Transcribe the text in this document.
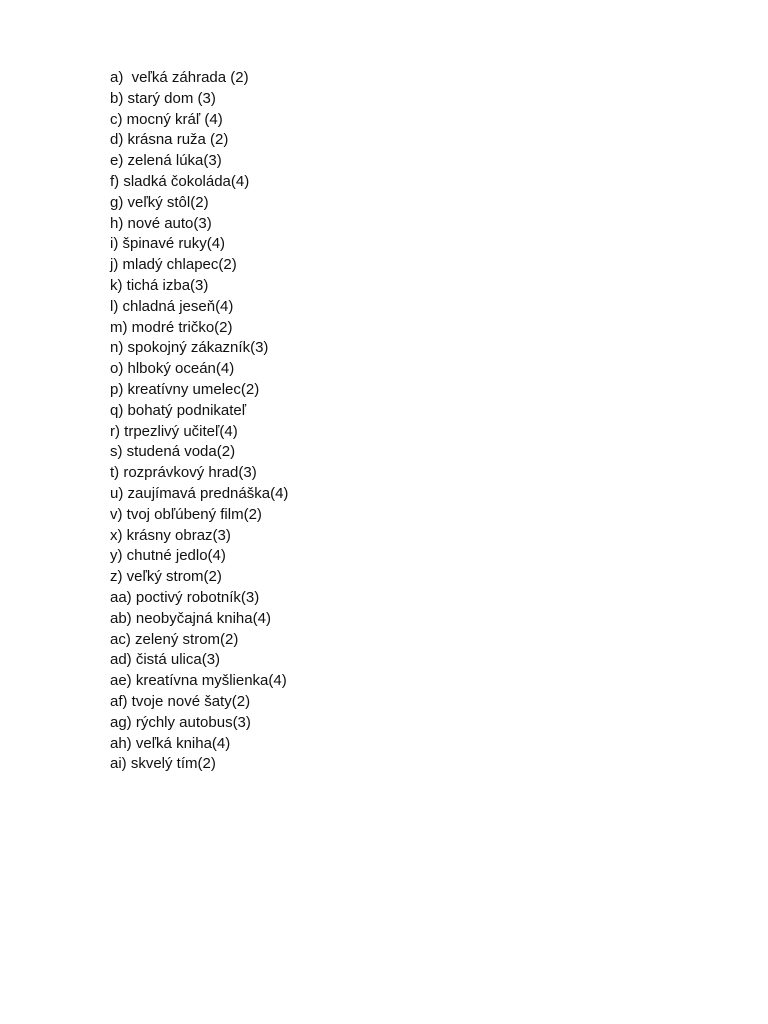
a)  veľká záhrada (2)
b) starý dom (3)
c) mocný kráľ (4)
d) krásna ruža (2)
e) zelená lúka(3)
f) sladká čokoláda(4)
g) veľký stôl(2)
h) nové auto(3)
i) špinavé ruky(4)
j) mladý chlapec(2)
k) tichá izba(3)
l) chladná jeseň(4)
m) modré tričko(2)
n) spokojný zákazník(3)
o) hlboký oceán(4)
p) kreatívny umelec(2)
q) bohatý podnikateľ
r) trpezlivý učiteľ(4)
s) studená voda(2)
t) rozprávkový hrad(3)
u) zaujímavá prednáška(4)
v) tvoj obľúbený film(2)
x) krásny obraz(3)
y) chutné jedlo(4)
z) veľký strom(2)
aa) poctivý robotník(3)
ab) neobyčajná kniha(4)
ac) zelený strom(2)
ad) čistá ulica(3)
ae) kreatívna myšlienka(4)
af) tvoje nové šaty(2)
ag) rýchly autobus(3)
ah) veľká kniha(4)
ai) skvelý tím(2)
